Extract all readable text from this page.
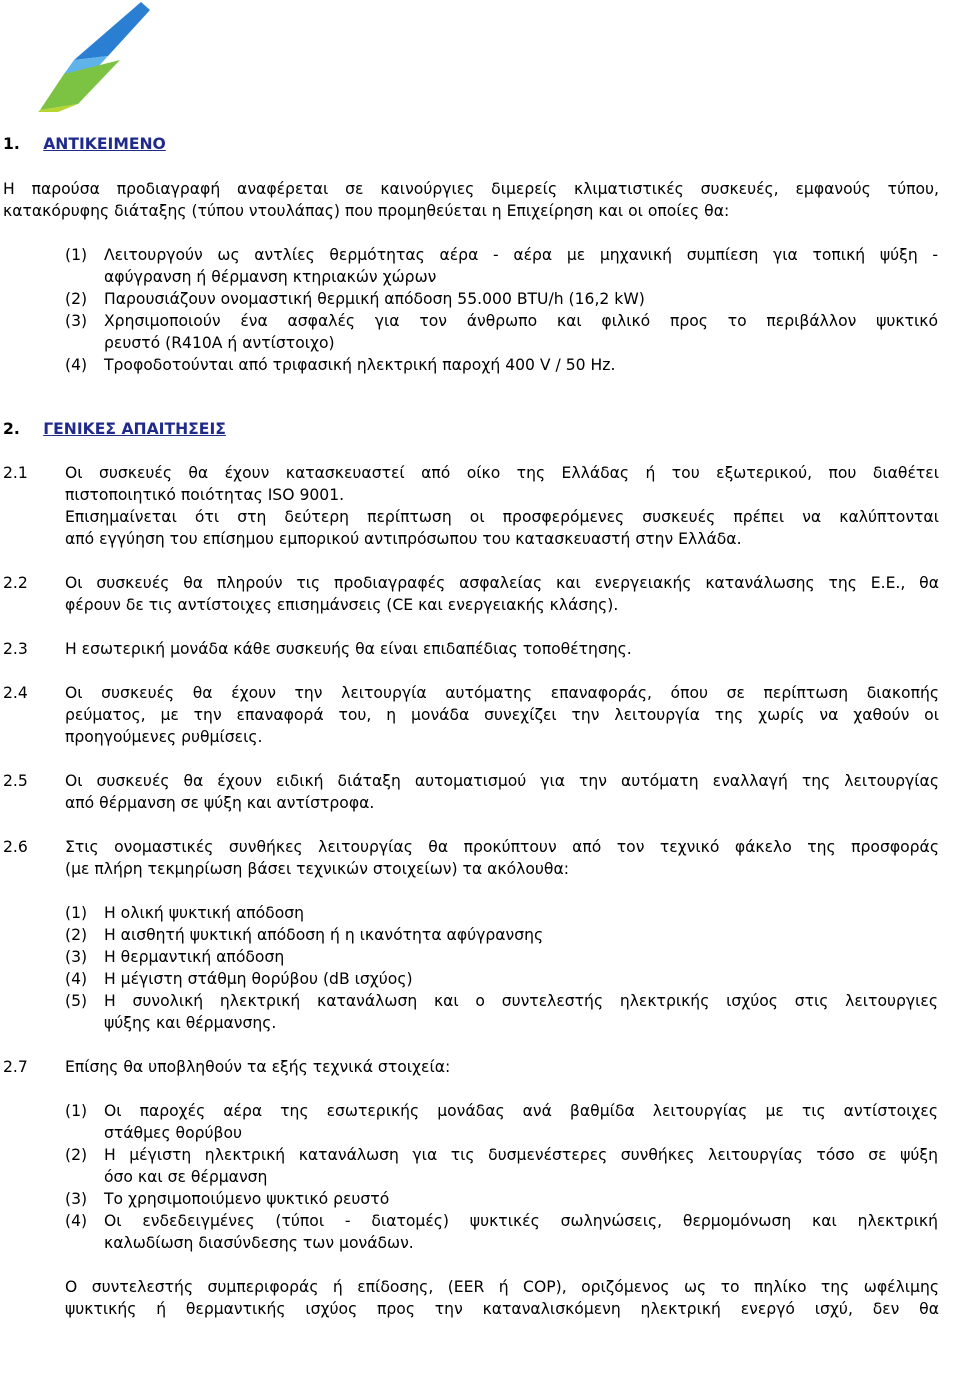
1. ΑΝΤΙΚΕΙΜΕΝΟ
Η παρούσα προδιαγραφή αναφέρεται σε καινούργιες διμερείς κλιματιστικές συσκευές, εμφανούς τύπου,
κατακόρυφης διάταξης (τύπου ντουλάπας) που προμηθεύεται η Επιχείρηση και οι οποίες θα:
(1) Λειτουργούν ως αντλίες θερμότητας αέρα - αέρα με μηχανική συμπίεση για τοπική ψύξη -
αφύγρανση ή θέρμανση κτηριακών χώρων
(2) Παρουσιάζουν ονομαστική θερμική απόδοση 55.000 BTU/h (16,2 kW)
(3) Χρησιμοποιούν ένα ασφαλές για τον άνθρωπο και φιλικό προς το περιβάλλον ψυκτικό
ρευστό (R410A ή αντίστοιχο)
(4) Τροφοδοτούνται από τριφασική ηλεκτρική παροχή 400 V / 50 Hz.
2. ΓΕΝΙΚΕΣ ΑΠΑΙΤΗΣΕΙΣ
2.1 Οι συσκευές θα έχουν κατασκευαστεί από οίκο της Ελλάδας ή του εξωτερικού, που διαθέτει
πιστοποιητικό ποιότητας ISO 9001.
Επισημαίνεται ότι στη δεύτερη περίπτωση οι προσφερόμενες συσκευές πρέπει να καλύπτονται
από εγγύηση του επίσημου εμπορικού αντιπρόσωπου του κατασκευαστή στην Ελλάδα.
2.2 Οι συσκευές θα πληρούν τις προδιαγραφές ασφαλείας και ενεργειακής κατανάλωσης της Ε.Ε., θα
φέρουν δε τις αντίστοιχες επισημάνσεις (CE και ενεργειακής κλάσης).
2.3 Η εσωτερική μονάδα κάθε συσκευής θα είναι επιδαπέδιας τοποθέτησης.
2.4 Οι συσκευές θα έχουν την λειτουργία αυτόματης επαναφοράς, όπου σε περίπτωση διακοπής
ρεύματος, με την επαναφορά του, η μονάδα συνεχίζει την λειτουργία της χωρίς να χαθούν οι
προηγούμενες ρυθμίσεις.
2.5 Οι συσκευές θα έχουν ειδική διάταξη αυτοματισμού για την αυτόματη εναλλαγή της λειτουργίας
από θέρμανση σε ψύξη και αντίστροφα.
2.6 Στις ονομαστικές συνθήκες λειτουργίας θα προκύπτουν από τον τεχνικό φάκελο της προσφοράς
(με πλήρη τεκμηρίωση βάσει τεχνικών στοιχείων) τα ακόλουθα:
(1) Η ολική ψυκτική απόδοση
(2) Η αισθητή ψυκτική απόδοση ή η ικανότητα αφύγρανσης
(3) Η θερμαντική απόδοση
(4) Η μέγιστη στάθμη θορύβου (dB ισχύος)
(5) Η συνολική ηλεκτρική κατανάλωση και ο συντελεστής ηλεκτρικής ισχύος στις λειτουργιες
ψύξης και θέρμανσης.
2.7 Επίσης θα υποβληθούν τα εξής τεχνικά στοιχεία:
(1) Οι παροχές αέρα της εσωτερικής μονάδας ανά βαθμίδα λειτουργίας με τις αντίστοιχες
στάθμες θορύβου
(2) Η μέγιστη ηλεκτρική κατανάλωση για τις δυσμενέστερες συνθήκες λειτουργίας τόσο σε ψύξη
όσο και σε θέρμανση
(3) Το χρησιμοποιύμενο ψυκτικό ρευστό
(4) Οι ενδεδειγμένες (τύποι - διατομές) ψυκτικές σωληνώσεις, θερμομόνωση και ηλεκτρική
καλωδίωση διασύνδεσης των μονάδων.
Ο συντελεστής συμπεριφοράς ή επίδοσης, (EER ή COP), οριζόμενος ως το πηλίκο της ωφέλιμης
ψυκτικής ή θερμαντικής ισχύος προς την καταναλισκόμενη ηλεκτρική ενεργό ισχύ, δεν θα
